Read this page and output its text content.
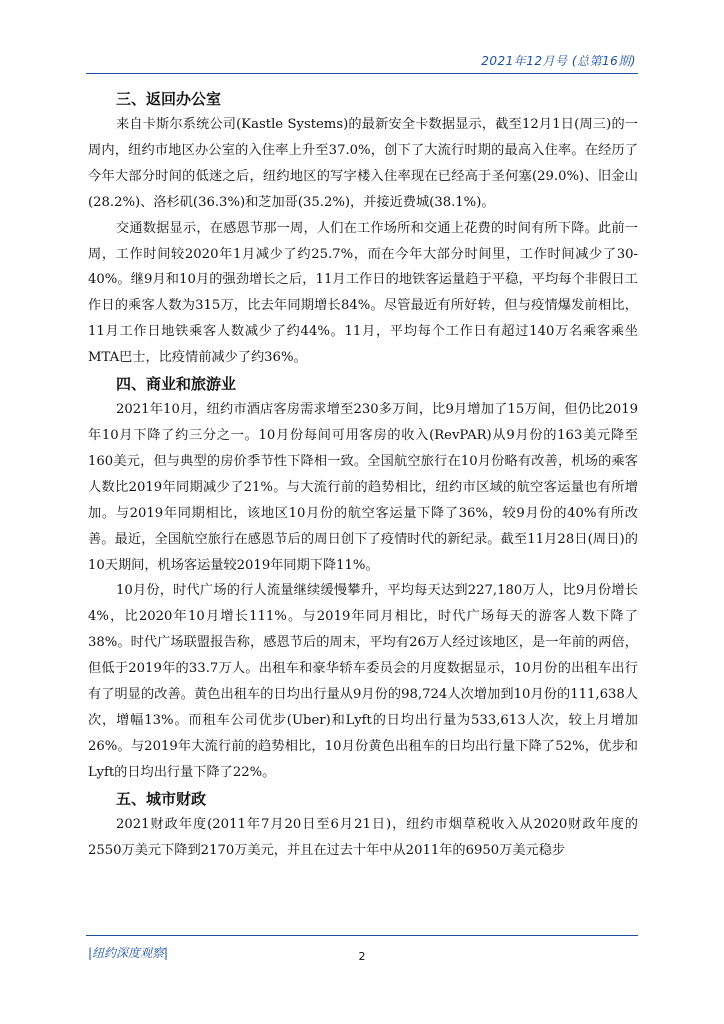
2021年12月号 (总第16期)
三、返回办公室

来自卡斯尔系统公司(Kastle Systems)的最新安全卡数据显示，截至12月1日(周三)的一周内，纽约市地区办公室的入住率上升至37.0%，创下了大流行时期的最高入住率。在经历了今年大部分时间的低迷之后，纽约地区的写字楼入住率现在已经高于圣何塞(29.0%)、旧金山(28.2%)、洛杉矶(36.3%)和芝加哥(35.2%)，并接近费城(38.1%)。

交通数据显示，在感恩节那一周，人们在工作场所和交通上花费的时间有所下降。此前一周，工作时间较2020年1月减少了约25.7%，而在今年大部分时间里，工作时间减少了30-40%。继9月和10月的强劲增长之后，11月工作日的地铁客运量趋于平稳，平均每个非假日工作日的乘客人数为315万，比去年同期增长84%。尽管最近有所好转，但与疫情爆发前相比，11月工作日地铁乘客人数减少了约44%。11月，平均每个工作日有超过140万名乘客乘坐MTA巴士，比疫情前减少了约36%。

四、商业和旅游业

2021年10月，纽约市酒店客房需求增至230多万间，比9月增加了15万间，但仍比2019年10月下降了约三分之一。10月份每间可用客房的收入(RevPAR)从9月份的163美元降至160美元，但与典型的房价季节性下降相一致。全国航空旅行在10月份略有改善，机场的乘客人数比2019年同期减少了21%。与大流行前的趋势相比，纽约市区域的航空客运量也有所增加。与2019年同期相比，该地区10月份的航空客运量下降了36%，较9月份的40%有所改善。最近，全国航空旅行在感恩节后的周日创下了疫情时代的新纪录。截至11月28日(周日)的10天期间，机场客运量较2019年同期下降11%。

10月份，时代广场的行人流量继续缓慢攀升，平均每天达到227,180万人，比9月份增长4%，比2020年10月增长111%。与2019年同月相比，时代广场每天的游客人数下降了38%。时代广场联盟报告称，感恩节后的周末，平均有26万人经过该地区，是一年前的两倍，但低于2019年的33.7万人。出租车和豪华轿车委员会的月度数据显示，10月份的出租车出行有了明显的改善。黄色出租车的日均出行量从9月份的98,724人次增加到10月份的111,638人次，增幅13%。而租车公司优步(Uber)和Lyft的日均出行量为533,613人次，较上月增加26%。与2019年大流行前的趋势相比，10月份黄色出租车的日均出行量下降了52%，优步和Lyft的日均出行量下降了22%。

五、城市财政

2021财政年度(2011年7月20日至6月21日)，纽约市烟草税收入从2020财政年度的2550万美元下降到2170万美元，并且在过去十年中从2011年的6950万美元稳步

|纽约深度观察|	2
